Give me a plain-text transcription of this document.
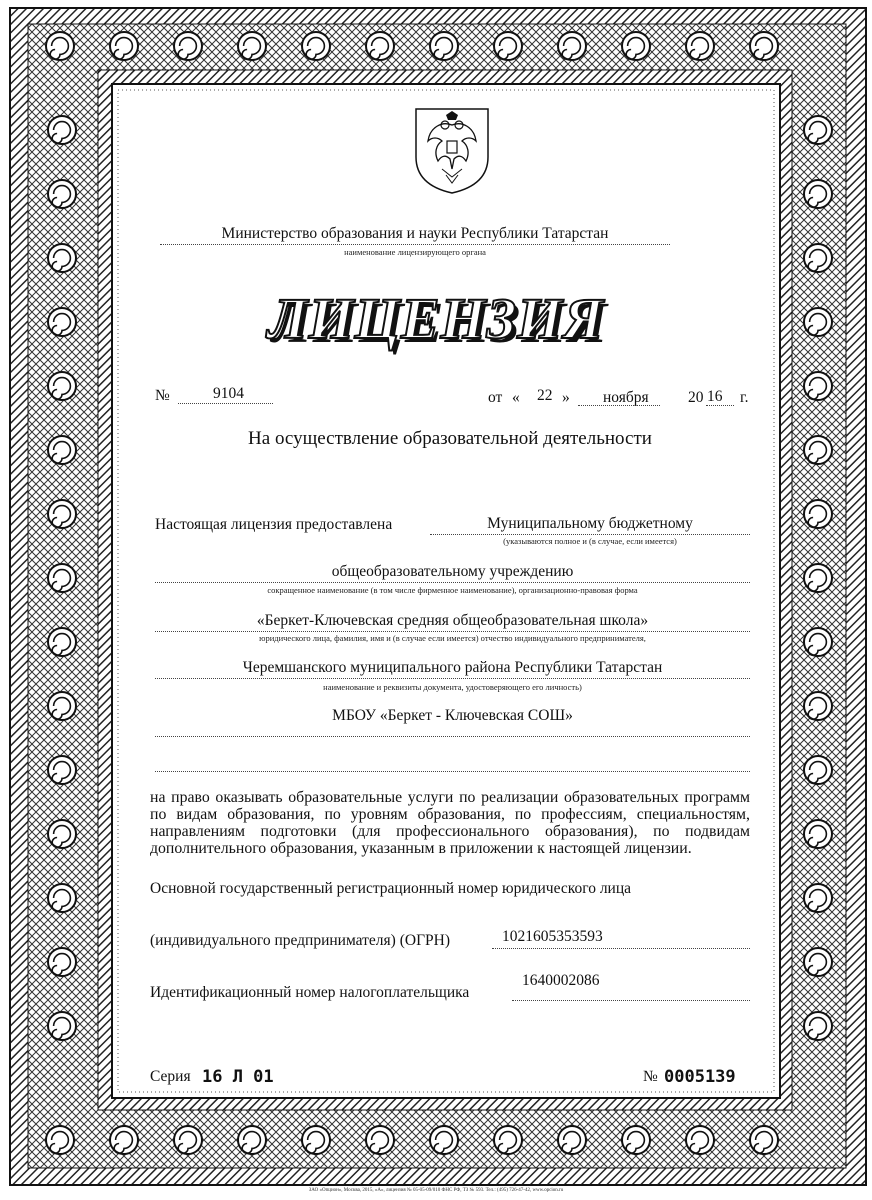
Министерство образования и науки Республики Татарстан
наименование лицензирующего органа
ЛИЦЕНЗИЯ
№	9104	от « 22 » ноября	20 16 г.
На осуществление образовательной деятельности
Настоящая лицензия предоставлена	Муниципальному бюджетному
(указываются полное и (в случае, если имеется)
общеобразовательному учреждению
сокращенное наименование (в том числе фирменное наименование), организационно-правовая форма
«Беркет-Ключевская средняя общеобразовательная школа»
юридического лица, фамилия, имя и (в случае если имеется) отчество индивидуального предпринимателя,
Черемшанского муниципального района Республики Татарстан
наименование и реквизиты документа, удостоверяющего его личность)
МБОУ «Беркет - Ключевская СОШ»
на право оказывать образовательные услуги по реализации образовательных программ по видам образования, по уровням образования, по профессиям, специальностям, направлениям подготовки (для профессионального образования), по подвидам дополнительного образования, указанным в приложении к настоящей лицензии.
Основной государственный регистрационный номер юридического лица
(индивидуального предпринимателя) (ОГРН)	1021605353593
Идентификационный номер налогоплательщика
1640002086
Серия 16 Л 01	№ 0005139
ЗАО «Опцион», Москва, 2015, «А», лицензия № 05-05-09/010 ФНС РФ, ТЗ № 593. Тел.: (495) 726-47-42, www.opcion.ru
